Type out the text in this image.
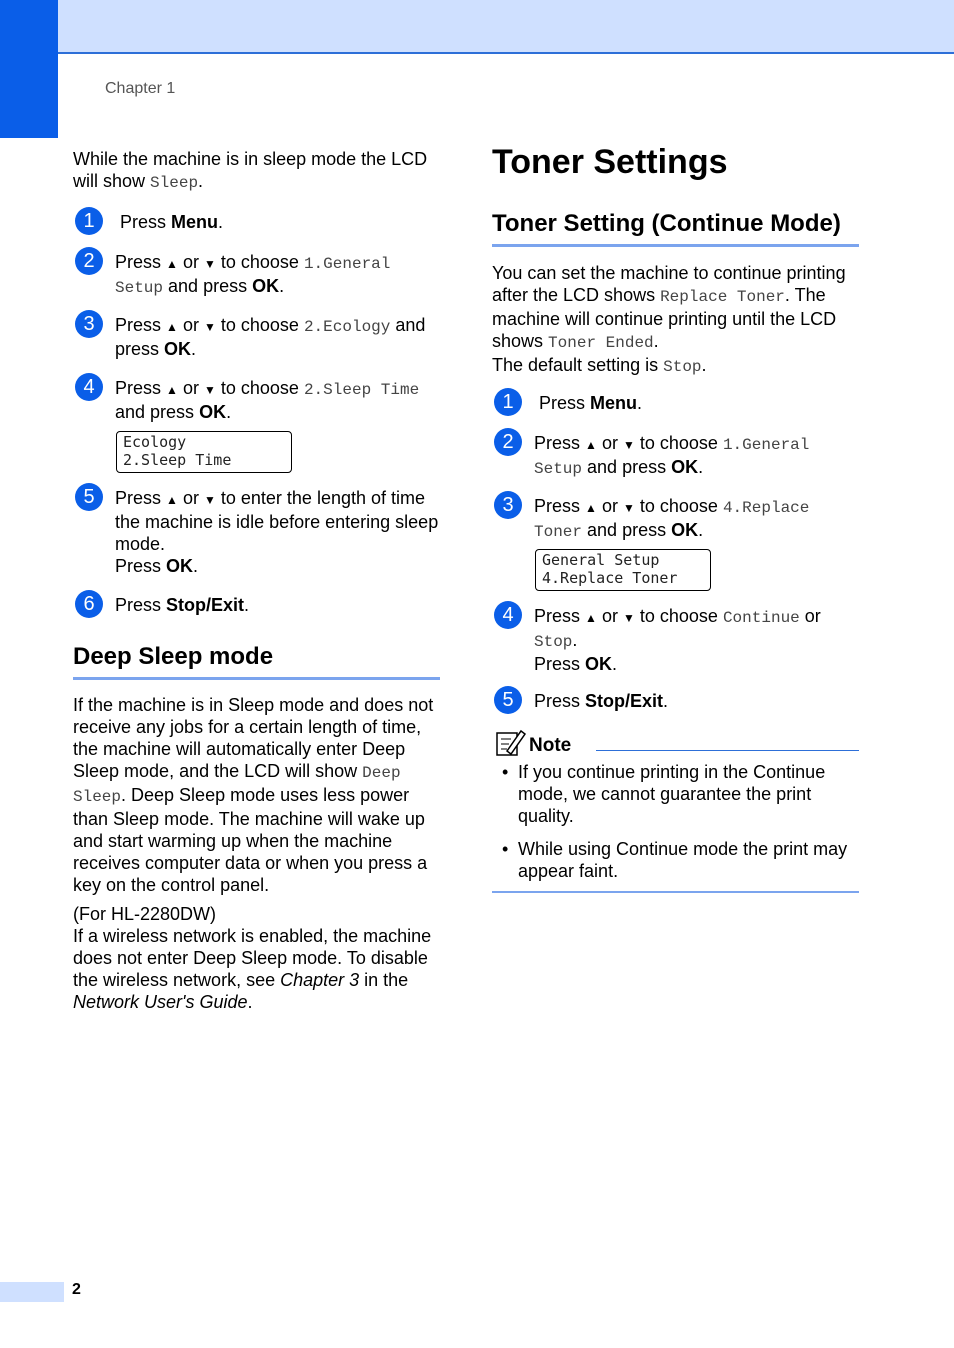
Chapter 1

While the machine is in sleep mode the LCD will show Sleep.

1	Press Menu.
2	Press ▲ or ▼ to choose 1.General Setup and press OK.
3	Press ▲ or ▼ to choose 2.Ecology and press OK.
4	Press ▲ or ▼ to choose 2.Sleep Time and press OK.
Ecology
2.Sleep Time
5	Press ▲ or ▼ to enter the length of time the machine is idle before entering sleep mode.
Press OK.
6	Press Stop/Exit.
Deep Sleep mode

If the machine is in Sleep mode and does not receive any jobs for a certain length of time, the machine will automatically enter Deep Sleep mode, and the LCD will show Deep Sleep. Deep Sleep mode uses less power than Sleep mode. The machine will wake up and start warming up when the machine receives computer data or when you press a key on the control panel.

(For HL-2280DW)
If a wireless network is enabled, the machine does not enter Deep Sleep mode. To disable the wireless network, see Chapter 3 in the Network User's Guide.

Toner Settings
Toner Setting (Continue Mode)

You can set the machine to continue printing after the LCD shows Replace Toner. The machine will continue printing until the LCD shows Toner Ended.

The default setting is Stop.

1	Press Menu.
2	Press ▲ or ▼ to choose 1.General Setup and press OK.
3	Press ▲ or ▼ to choose 4.Replace Toner and press OK.
General Setup
4.Replace Toner
4	Press ▲ or ▼ to choose Continue or
Stop.
Press OK.
5	Press Stop/Exit.
Note
• If you continue printing in the Continue mode, we cannot guarantee the print quality.
• While using Continue mode the print may appear faint.
2
